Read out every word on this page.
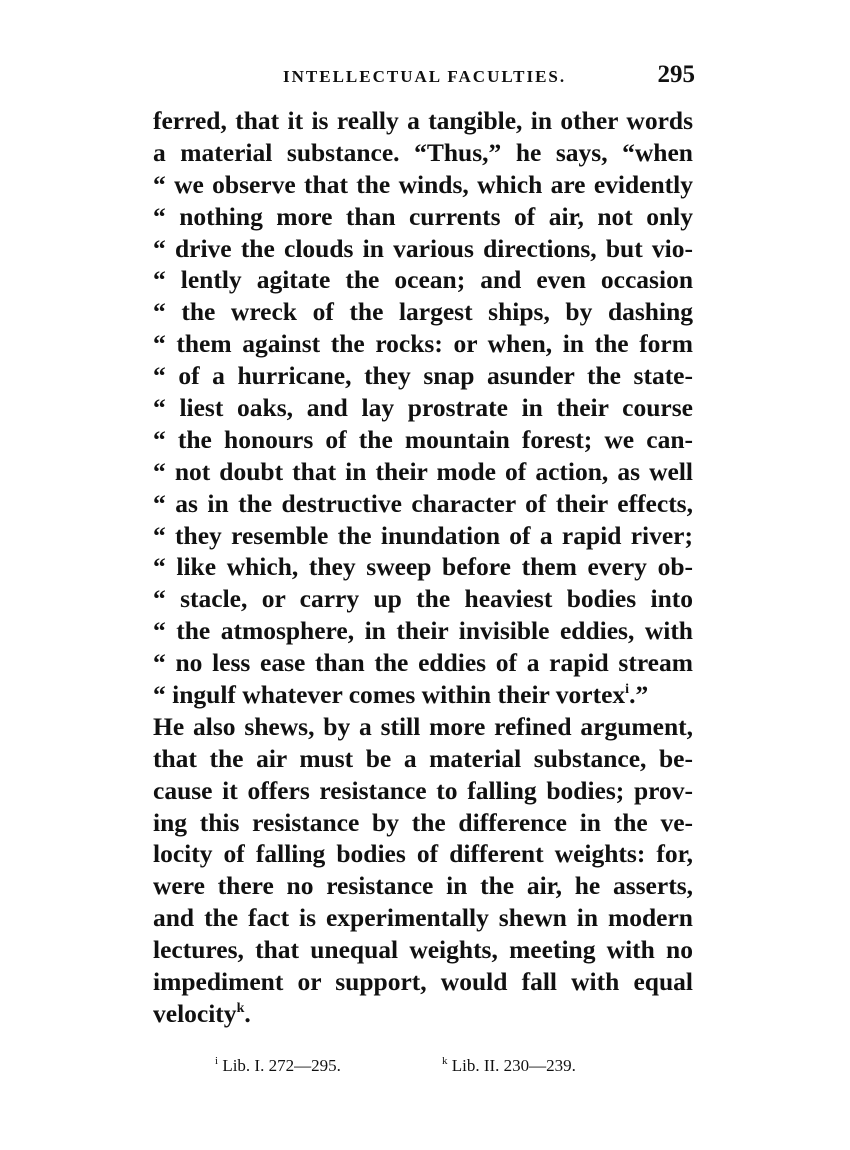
INTELLECTUAL FACULTIES.	295
ferred, that it is really a tangible, in other words
a material substance. “Thus,” he says, “when
“ we observe that the winds, which are evidently
“ nothing more than currents of air, not only
“ drive the clouds in various directions, but vio-
“ lently agitate the ocean; and even occasion
“ the wreck of the largest ships, by dashing
“ them against the rocks: or when, in the form
“ of a hurricane, they snap asunder the state-
“ liest oaks, and lay prostrate in their course
“ the honours of the mountain forest; we can-
“ not doubt that in their mode of action, as well
“ as in the destructive character of their effects,
“ they resemble the inundation of a rapid river;
“ like which, they sweep before them every ob-
“ stacle, or carry up the heaviest bodies into
“ the atmosphere, in their invisible eddies, with
“ no less ease than the eddies of a rapid stream
“ ingulf whatever comes within their vortex$^i$.”
He also shews, by a still more refined argument,
that the air must be a material substance, be-
cause it offers resistance to falling bodies; prov-
ing this resistance by the difference in the ve-
locity of falling bodies of different weights: for,
were there no resistance in the air, he asserts,
and the fact is experimentally shewn in modern
lectures, that unequal weights, meeting with no
impediment or support, would fall with equal
velocity$^k$.
$^i$ Lib. I. 272—295.	$^k$ Lib. II. 230—239.
